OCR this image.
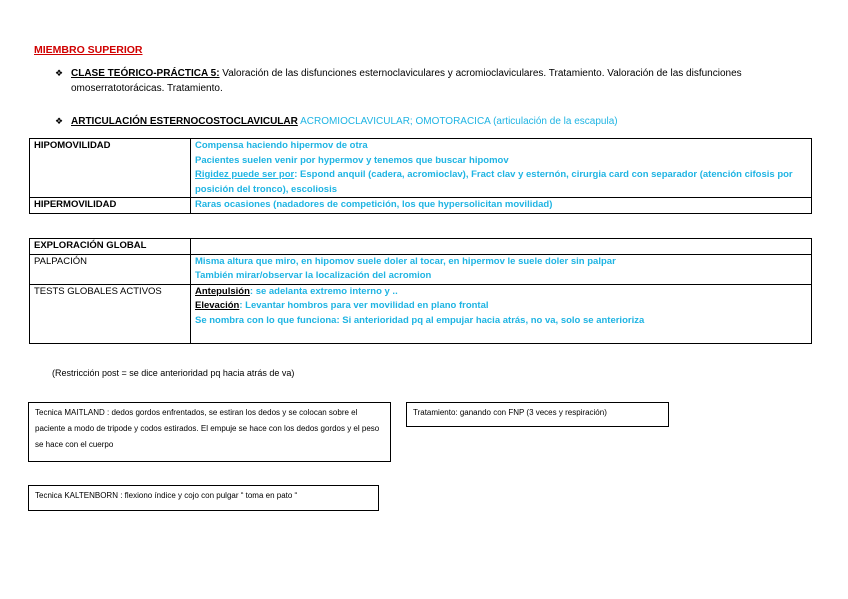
MIEMBRO SUPERIOR
❖ CLASE TEÓRICO-PRÁCTICA 5: Valoración de las disfunciones esternoclaviculares y acromioclaviculares. Tratamiento. Valoración de las disfunciones
omoserratotorácicas. Tratamiento.
❖ ARTICULACIÓN ESTERNOCOSTOCLAVICULAR ACROMIOCLAVICULAR; OMOTORACICA (articulación de la escapula)
HIPOMOVILIDAD	Compensa haciendo hipermov de otra
Pacientes suelen venir por hypermov y tenemos que buscar hipomov
Rigidez puede ser por: Espond anquil (cadera, acromioclav), Fract clav y esternón, cirurgia card con separador (atención cifosis por posición del tronco), escoliosis

HIPERMOVILIDAD	Raras ocasiones (nadadores de competición, los que hypersolicitan movilidad)
EXPLORACIÓN GLOBAL	
PALPACIÓN	Misma altura que miro, en hipomov suele doler al tocar, en hipermov le suele doler sin palpar
También mirar/observar la localización del acromion

TESTS GLOBALES ACTIVOS	Antepulsión: se adelanta extremo interno y ..
Elevación: Levantar hombros para ver movilidad en plano frontal
Se nombra con lo que funciona: Si anterioridad pq al empujar hacia atrás, no va, solo se anterioriza
(Restricción post = se dice anterioridad pq hacia atrás de va)
Tecnica MAITLAND : dedos gordos enfrentados, se estiran los dedos y se colocan sobre el paciente a modo de tripode y codos estirados. El empuje se hace con los dedos gordos y el peso se hace con el cuerpo
Tratamiento: ganando con FNP (3 veces y respiración)
Tecnica KALTENBORN : flexiono índice y cojo con pulgar “ toma en pato “
